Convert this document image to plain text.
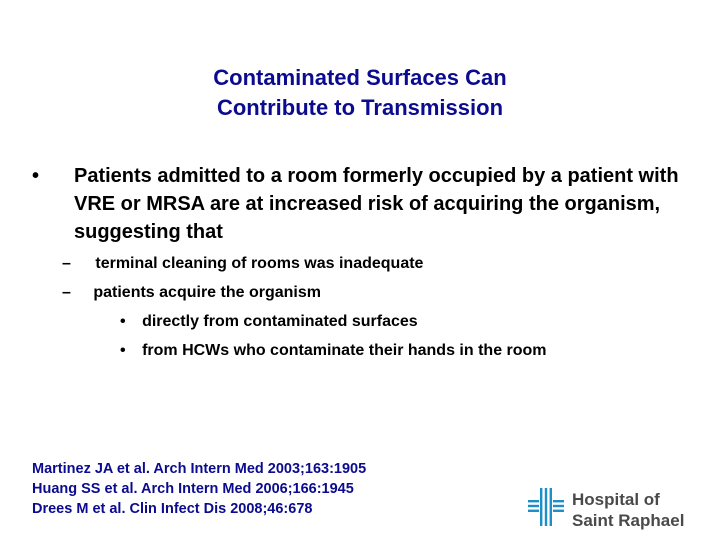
Contaminated Surfaces Can
Contribute to Transmission
• Patients admitted to a room formerly occupied by a patient with VRE or MRSA are at increased risk of acquiring the organism, suggesting that
– terminal cleaning of rooms was inadequate
– patients acquire the organism
• directly from contaminated surfaces
• from HCWs who contaminate their hands in the room
Martinez JA et al. Arch Intern Med 2003;163:1905
Huang SS et al. Arch Intern Med 2006;166:1945
Drees M et al. Clin Infect Dis 2008;46:678	Hospital of
Saint Raphael
